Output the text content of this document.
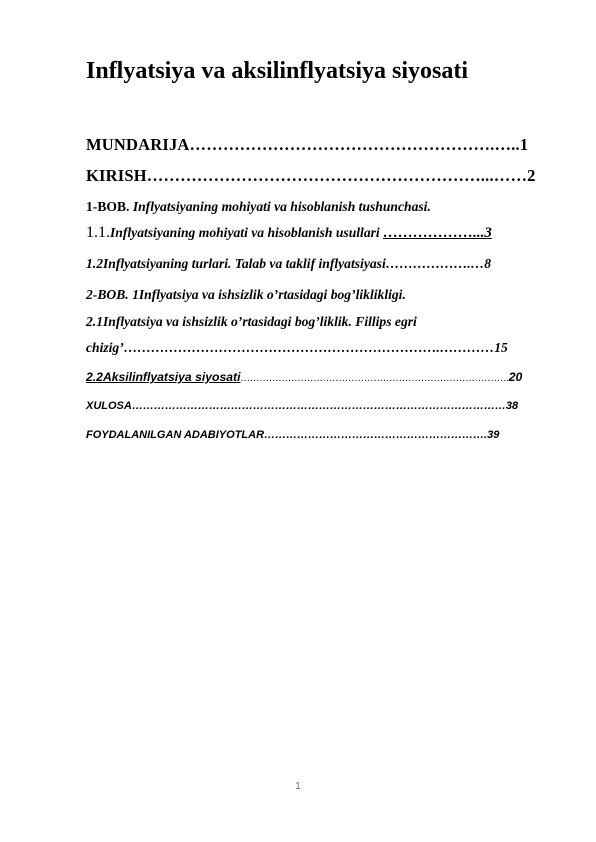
Inflyatsiya va aksilinflyatsiya siyosati
MUNDARIJA……………………………………………….…..1
KIRISH……………………………………………………...……2
1-BOB. Inflyatsiyaning mohiyati va hisoblanish tushunchasi.
1.1.Inflyatsiyaning mohiyati va hisoblanish usullari ………………...3
1.2Inflyatsiyaning turlari. Talab va taklif inflyatsiyasi……………….…8
2-BOB. 1Inflyatsiya va ishsizlik o’rtasidagi bog’liklikligi.
2.1Inflyatsiya va ishsizlik o’rtasidagi bog’liklik. Fillips egri
chizig’…………………………………………………………….…………15
2.2Aksilinflyatsiya siyosati………………………………………………………………………….20
XULOSA…………………………………………………………………………………………38
FOYDALANILGAN ADABIYOTLAR…………………………………………………….39
1
